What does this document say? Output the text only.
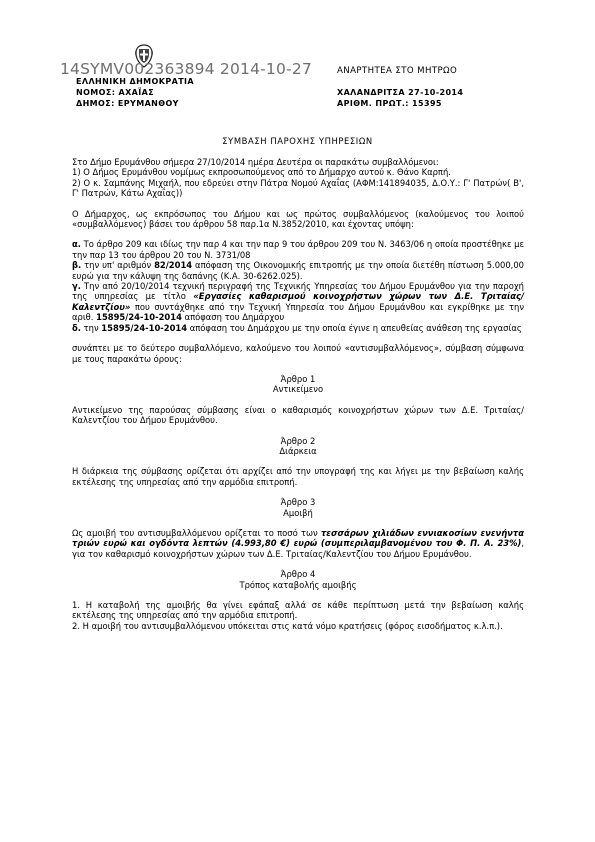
14SYMV002363894 2014-10-27
ΕΛΛΗΝΙΚΗ ΔΗΜΟΚΡΑΤΙΑ
ΝΟΜΟΣ: ΑΧΑΪΑΣ
ΔΗΜΟΣ: ΕΡΥΜΑΝΘΟΥ
ΑΝΑΡΤΗΤΕΑ ΣΤΟ ΜΗΤΡΩΟ
ΧΑΛΑΝΔΡΙΤΣΑ 27-10-2014
ΑΡΙΘΜ. ΠΡΩΤ.: 15395
ΣΥΜΒΑΣΗ ΠΑΡΟΧΗΣ ΥΠΗΡΕΣΙΩΝ

Στο Δήμο Ερυμάνθου σήμερα 27/10/2014 ημέρα Δευτέρα οι παρακάτω συμβαλλόμενοι:

1) Ο Δήμος Ερυμάνθου νομίμως εκπροσωπούμενος από το Δήμαρχο αυτού κ. Θάνο Καρπή.

2) Ο κ. Σαμπάνης Μιχαήλ, που εδρεύει στην Πάτρα Νομού Αχαΐας (ΑΦΜ:141894035, Δ.Ο.Υ.: Γ' Πατρών( Β', Γ' Πατρών, Κάτω Αχαΐας))

Ο Δήμαρχος, ως εκπρόσωπος του Δήμου και ως πρώτος συμβαλλόμενος (καλούμενος του λοιπού «συμβαλλόμενος) βάσει του άρθρου 58 παρ.1α Ν.3852/2010, και έχοντας υπόψη:

α. Το άρθρο 209 και ιδίως την παρ 4 και την παρ 9 του άρθρου 209 του Ν. 3463/06 η οποία προστέθηκε με την παρ 13 του άρθρου 20 του Ν. 3731/08

β. την υπ' αριθμόν 82/2014 απόφαση της Οικονομικής επιτροπής με την οποία διετέθη πίστωση 5.000,00 ευρώ για την κάλυψη της δαπάνης (Κ.Α. 30-6262.025).

γ. Την από 20/10/2014 τεχνική περιγραφή της Τεχνικής Υπηρεσίας του Δήμου Ερυμάνθου για την παροχή της υπηρεσίας με τίτλο «Εργασίες καθαρισμού κοινοχρήστων χώρων των Δ.Ε. Τριταίας/Καλεντζίου» που συντάχθηκε από την Τεχνική Υπηρεσία του Δήμου Ερυμάνθου και εγκρίθηκε με την αριθ. 15895/24-10-2014 απόφαση του Δημάρχου

δ. την 15895/24-10-2014 απόφαση του Δημάρχου με την οποία έγινε η απευθείας ανάθεση της εργασίας

συνάπτει με το δεύτερο συμβαλλόμενο, καλούμενο του λοιπού «αντισυμβαλλόμενος», σύμβαση σύμφωνα με τους παρακάτω όρους:

Άρθρο 1

Αντικείμενο

Αντικείμενο της παρούσας σύμβασης είναι ο καθαρισμός κοινοχρήστων χώρων των Δ.Ε. Τριταίας/Καλεντζίου του Δήμου Ερυμάνθου.

Άρθρο 2

Διάρκεια

Η διάρκεια της σύμβασης ορίζεται ότι αρχίζει από την υπογραφή της και λήγει με την βεβαίωση καλής εκτέλεσης της υπηρεσίας από την αρμόδια επιτροπή.

Άρθρο 3

Αμοιβή

Ως αμοιβή του αντισυμβαλλόμενου ορίζεται το ποσό των τεσσάρων χιλιάδων εννιακοσίων ενενήντα τριών ευρώ και ογδόντα λεπτών (4.993,80 €) ευρώ (συμπεριλαμβανομένου του Φ. Π. Α. 23%), για τον καθαρισμό κοινοχρήστων χώρων των Δ.Ε. Τριταίας/Καλεντζίου του Δήμου Ερυμάνθου.

Άρθρο 4

Τρόπος καταβολής αμοιβής

1. Η καταβολή της αμοιβής θα γίνει εφάπαξ αλλά σε κάθε περίπτωση μετά την βεβαίωση καλής εκτέλεσης της υπηρεσίας από την αρμόδια επιτροπή.

2. Η αμοιβή του αντισυμβαλλόμενου υπόκειται στις κατά νόμο κρατήσεις (φόρος εισοδήματος κ.λ.π.).
